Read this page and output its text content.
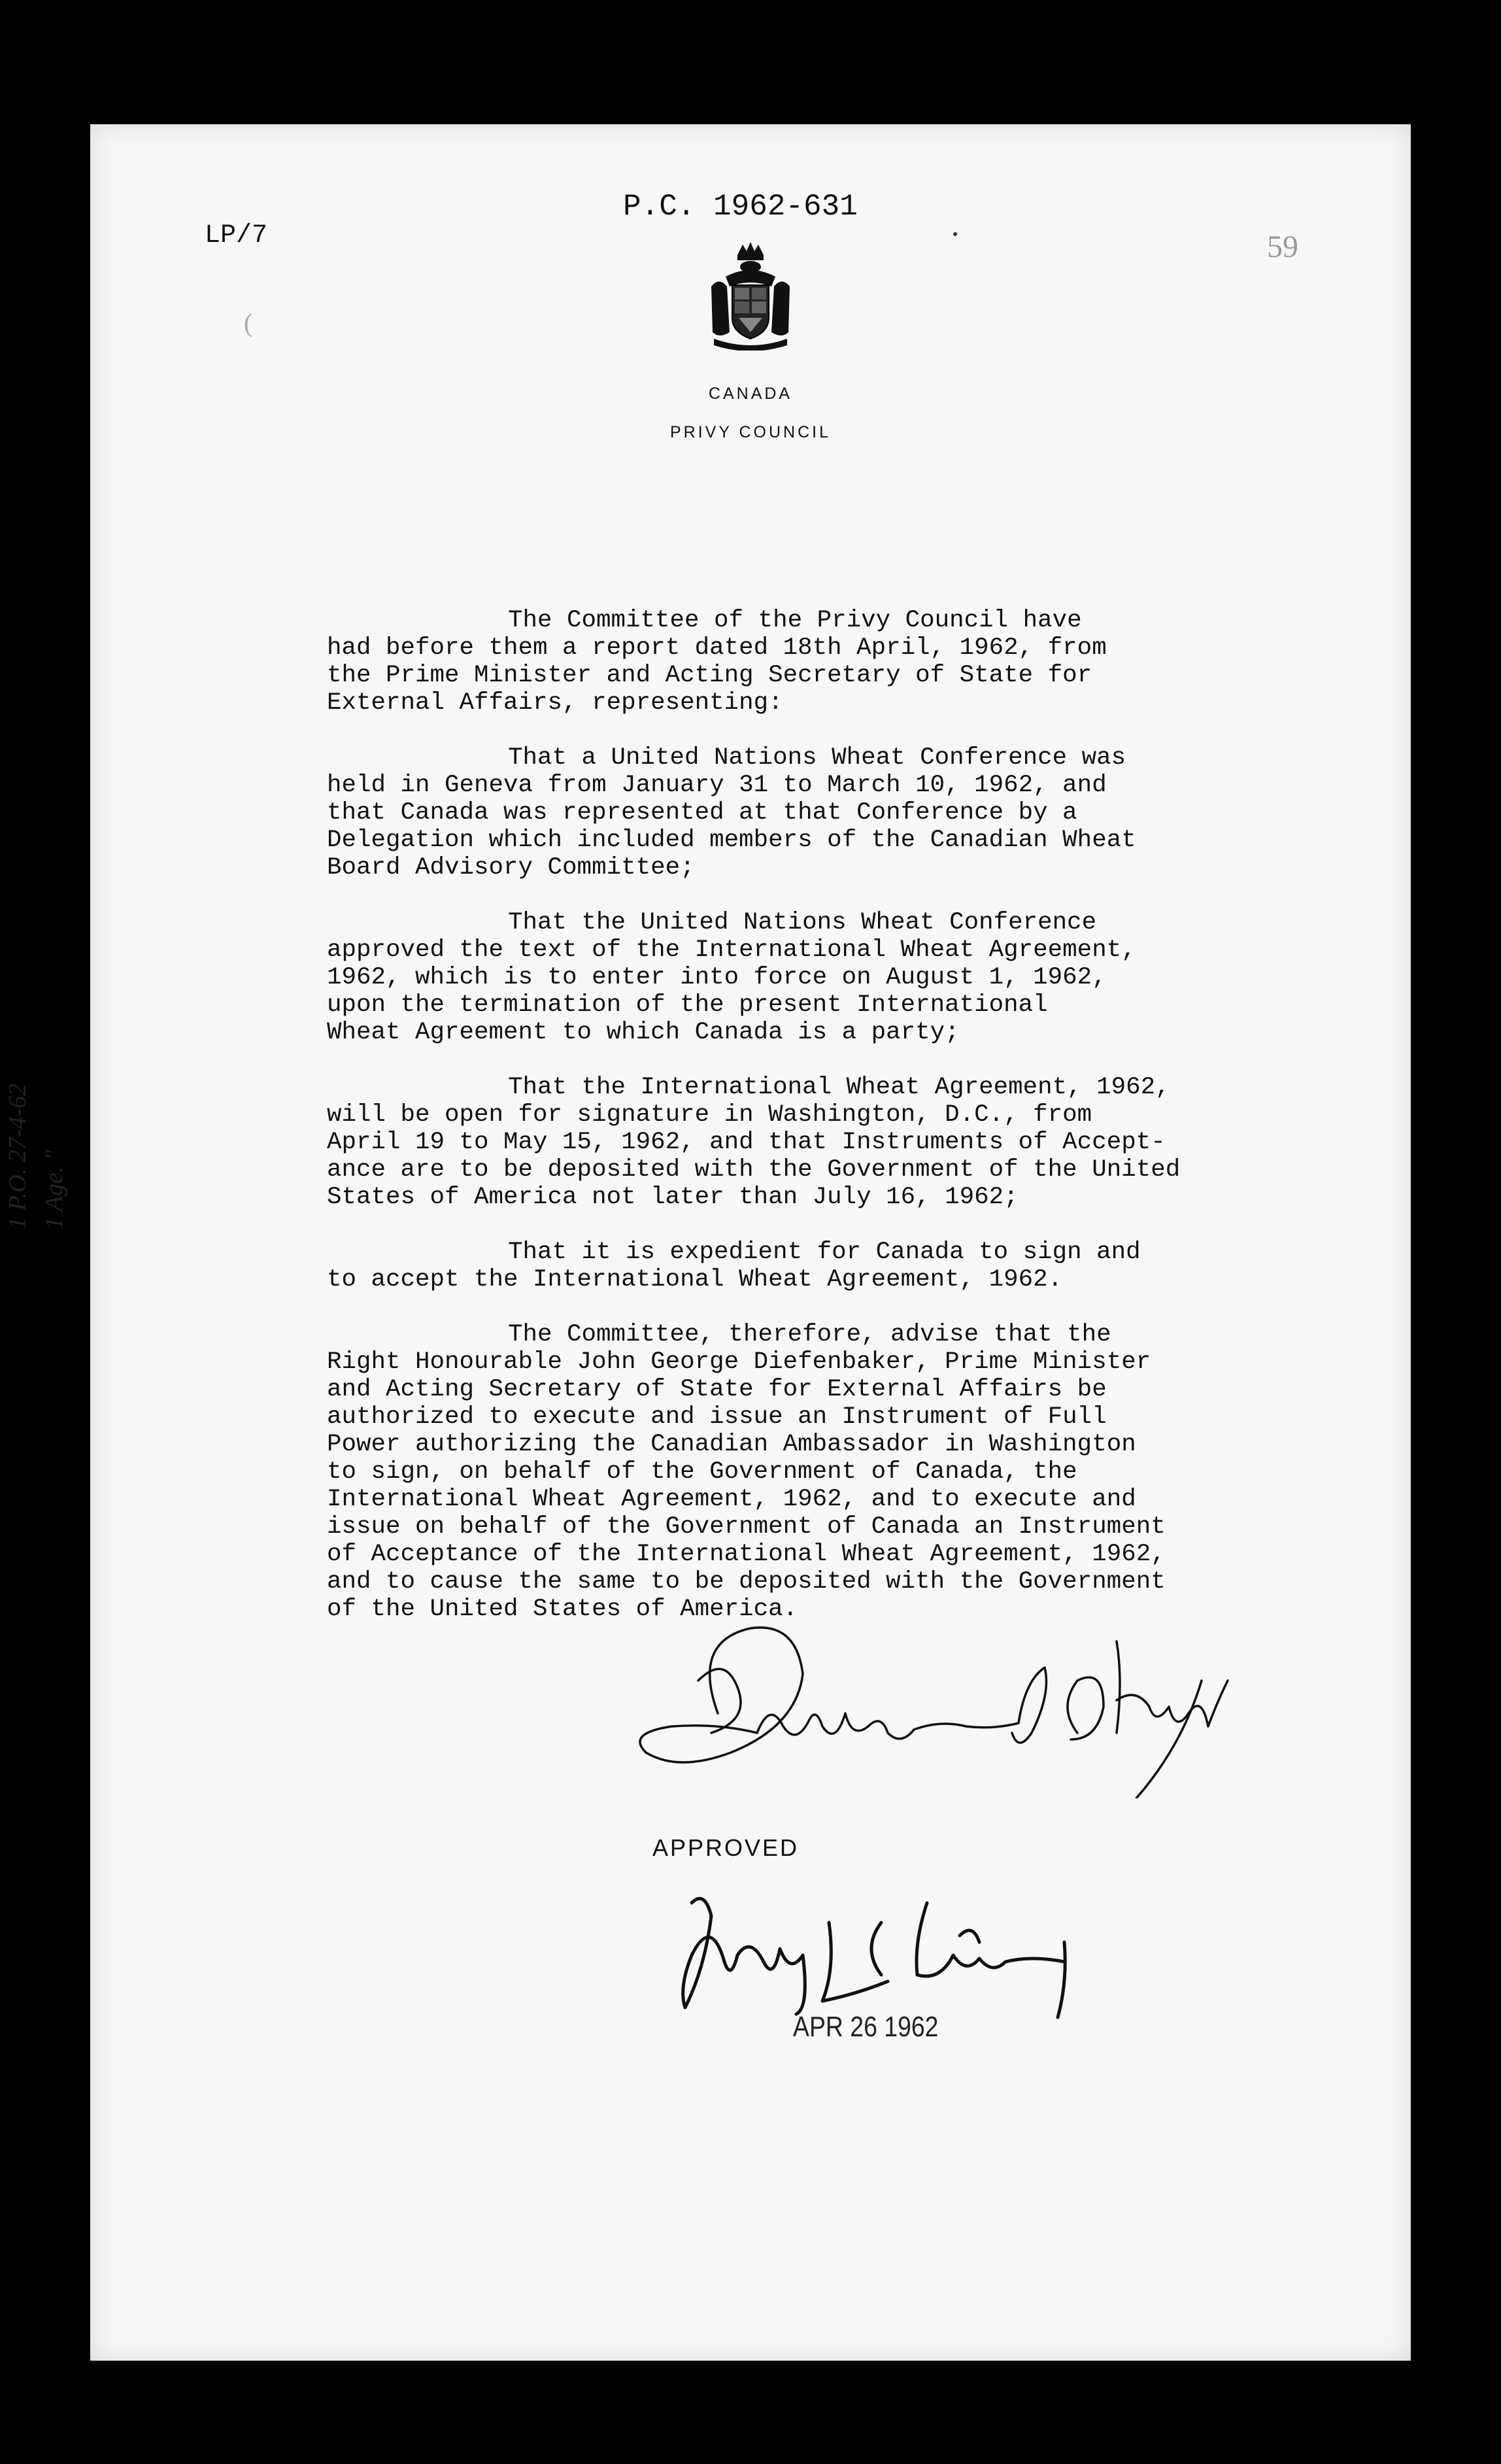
LP/7
P.C. 1962-631
59
(
CANADA
PRIVY COUNCIL

The Committee of the Privy Council have
had before them a report dated 18th April, 1962, from
the Prime Minister and Acting Secretary of State for
External Affairs, representing:

That a United Nations Wheat Conference was
held in Geneva from January 31 to March 10, 1962, and
that Canada was represented at that Conference by a
Delegation which included members of the Canadian Wheat
Board Advisory Committee;

That the United Nations Wheat Conference
approved the text of the International Wheat Agreement,
1962, which is to enter into force on August 1, 1962,
upon the termination of the present International
Wheat Agreement to which Canada is a party;

That the International Wheat Agreement, 1962,
will be open for signature in Washington, D.C., from
April 19 to May 15, 1962, and that Instruments of Accept-
ance are to be deposited with the Government of the United
States of America not later than July 16, 1962;

That it is expedient for Canada to sign and
to accept the International Wheat Agreement, 1962.

The Committee, therefore, advise that the
Right Honourable John George Diefenbaker, Prime Minister
and Acting Secretary of State for External Affairs be
authorized to execute and issue an Instrument of Full
Power authorizing the Canadian Ambassador in Washington
to sign, on behalf of the Government of Canada, the
International Wheat Agreement, 1962, and to execute and
issue on behalf of the Government of Canada an Instrument
of Acceptance of the International Wheat Agreement, 1962,
and to cause the same to be deposited with the Government
of the United States of America.

1 P.O. 27-4-62 1 Age. "
APPROVED
APR 26 1962
